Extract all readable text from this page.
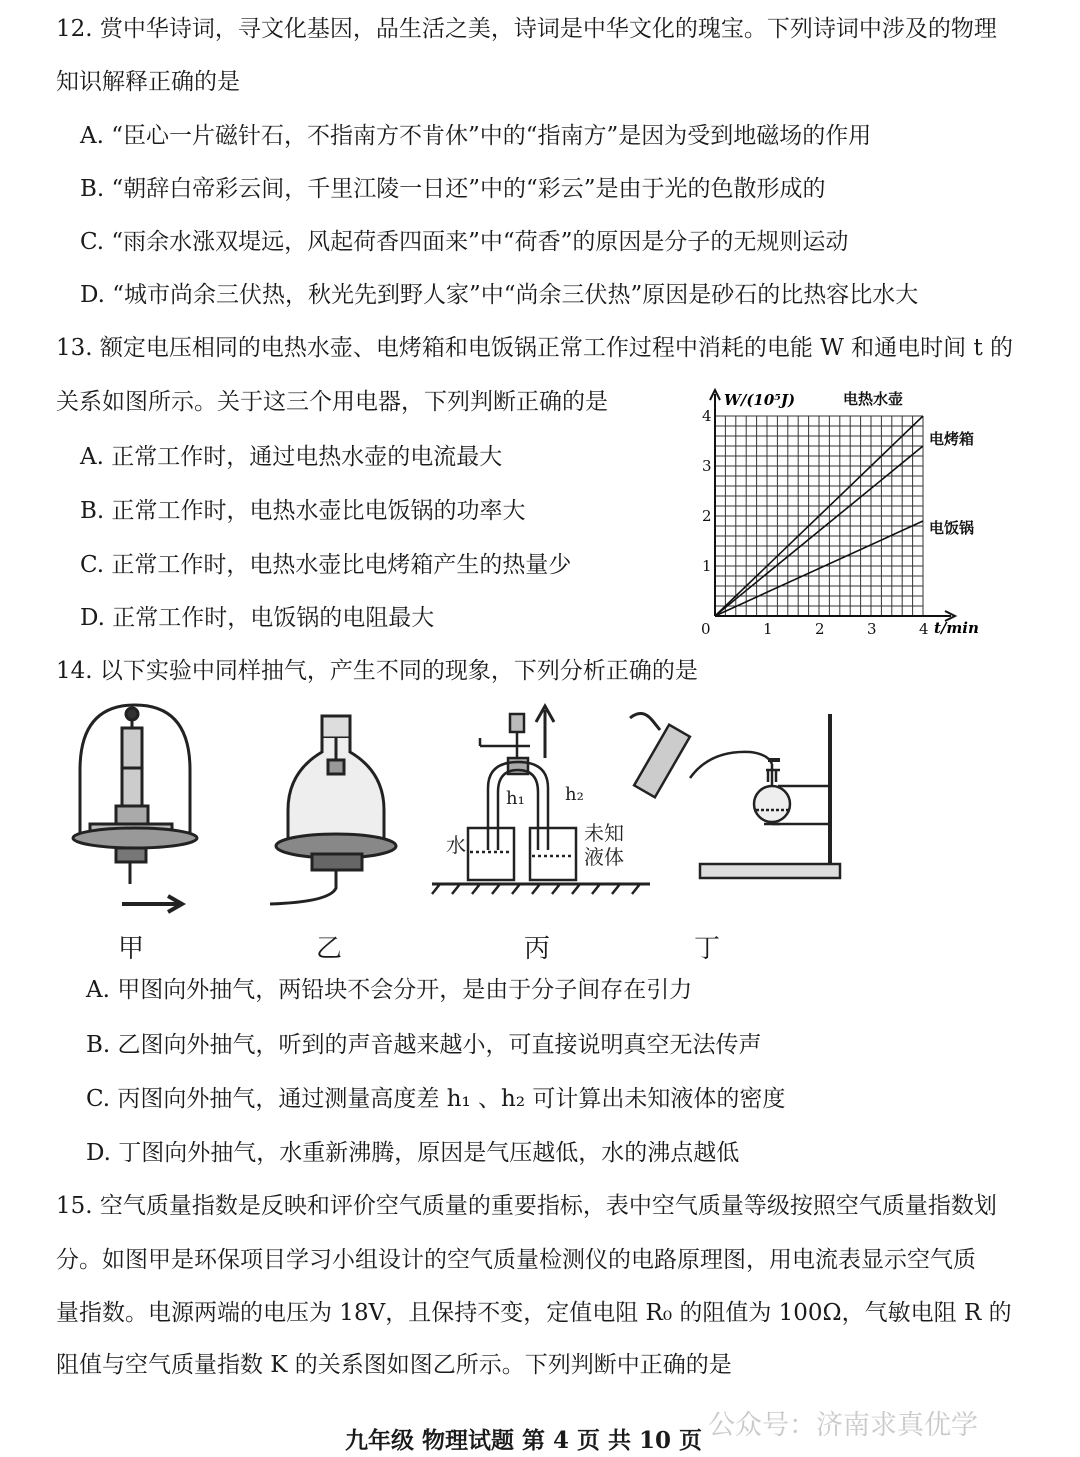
12. 赏中华诗词，寻文化基因，品生活之美，诗词是中华文化的瑰宝。下列诗词中涉及的物理
知识解释正确的是
A. “臣心一片磁针石，不指南方不肯休”中的“指南方”是因为受到地磁场的作用
B. “朝辞白帝彩云间，千里江陵一日还”中的“彩云”是由于光的色散形成的
C. “雨余水涨双堤远，风起荷香四面来”中“荷香”的原因是分子的无规则运动
D. “城市尚余三伏热，秋光先到野人家”中“尚余三伏热”原因是砂石的比热容比水大
13. 额定电压相同的电热水壶、电烤箱和电饭锅正常工作过程中消耗的电能 W 和通电时间 t 的
关系如图所示。关于这三个用电器，下列判断正确的是
A. 正常工作时，通过电热水壶的电流最大
B. 正常工作时，电热水壶比电饭锅的功率大
C. 正常工作时，电热水壶比电烤箱产生的热量少
D. 正常工作时，电饭锅的电阻最大
电热水壶
电烤箱
电饭锅
0	1	2	3	4
1
2
3
4
W/(10⁵J)
t/min
14. 以下实验中同样抽气，产生不同的现象，下列分析正确的是
h₁ h₂
水	未知
液体
甲	乙	丙	丁
A. 甲图向外抽气，两铅块不会分开，是由于分子间存在引力
B. 乙图向外抽气，听到的声音越来越小，可直接说明真空无法传声
C. 丙图向外抽气，通过测量高度差 h₁ 、h₂ 可计算出未知液体的密度
D. 丁图向外抽气，水重新沸腾，原因是气压越低，水的沸点越低
15. 空气质量指数是反映和评价空气质量的重要指标，表中空气质量等级按照空气质量指数划
分。如图甲是环保项目学习小组设计的空气质量检测仪的电路原理图，用电流表显示空气质
量指数。电源两端的电压为 18V，且保持不变，定值电阻 R₀ 的阻值为 100Ω，气敏电阻 R 的
阻值与空气质量指数 K 的关系图如图乙所示。下列判断中正确的是
公众号：济南求真优学
九年级 物理试题 第 4 页 共 10 页
